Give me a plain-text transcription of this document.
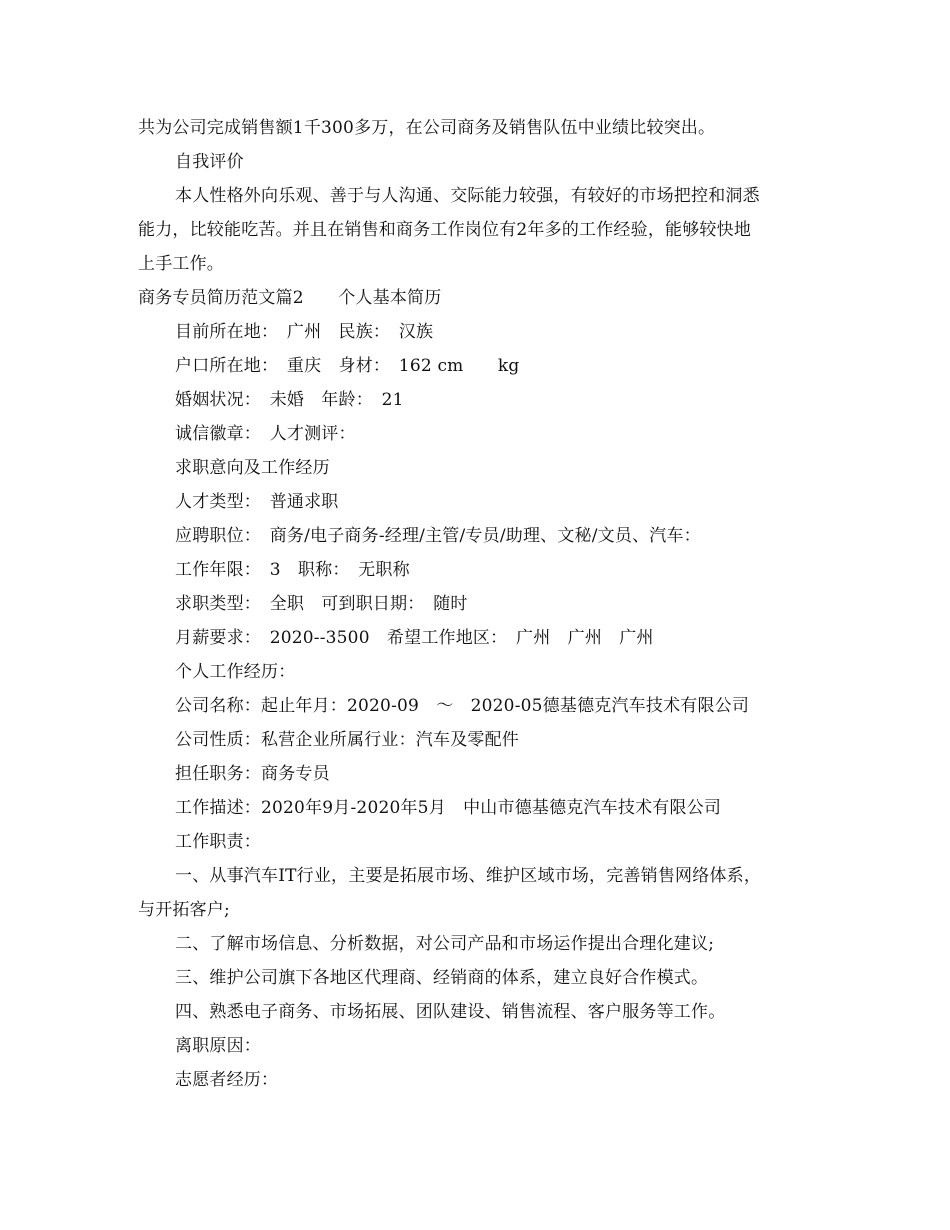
共为公司完成销售额1千300多万，在公司商务及销售队伍中业绩比较突出。
自我评价
本人性格外向乐观、善于与人沟通、交际能力较强，有较好的市场把控和洞悉
能力，比较能吃苦。并且在销售和商务工作岗位有2年多的工作经验，能够较快地
上手工作。
商务专员简历范文篇2　　个人基本简历
目前所在地：　广州　民族：　汉族
户口所在地：　重庆　身材：　162 cm　　kg
婚姻状况：　未婚　年龄：　21
诚信徽章：　人才测评：
求职意向及工作经历
人才类型：　普通求职
应聘职位：　商务/电子商务-经理/主管/专员/助理、文秘/文员、汽车：
工作年限：　3　职称：　无职称
求职类型：　全职　可到职日期：　随时
月薪要求：　2020--3500　希望工作地区：　广州　广州　广州
个人工作经历：
公司名称：起止年月：2020-09　～　2020-05德基德克汽车技术有限公司
公司性质：私营企业所属行业：汽车及零配件
担任职务：商务专员
工作描述：2020年9月-2020年5月　中山市德基德克汽车技术有限公司
工作职责：
一、从事汽车IT行业，主要是拓展市场、维护区域市场，完善销售网络体系，
与开拓客户;
二、了解市场信息、分析数据，对公司产品和市场运作提出合理化建议;
三、维护公司旗下各地区代理商、经销商的体系，建立良好合作模式。
四、熟悉电子商务、市场拓展、团队建设、销售流程、客户服务等工作。
离职原因：
志愿者经历：
